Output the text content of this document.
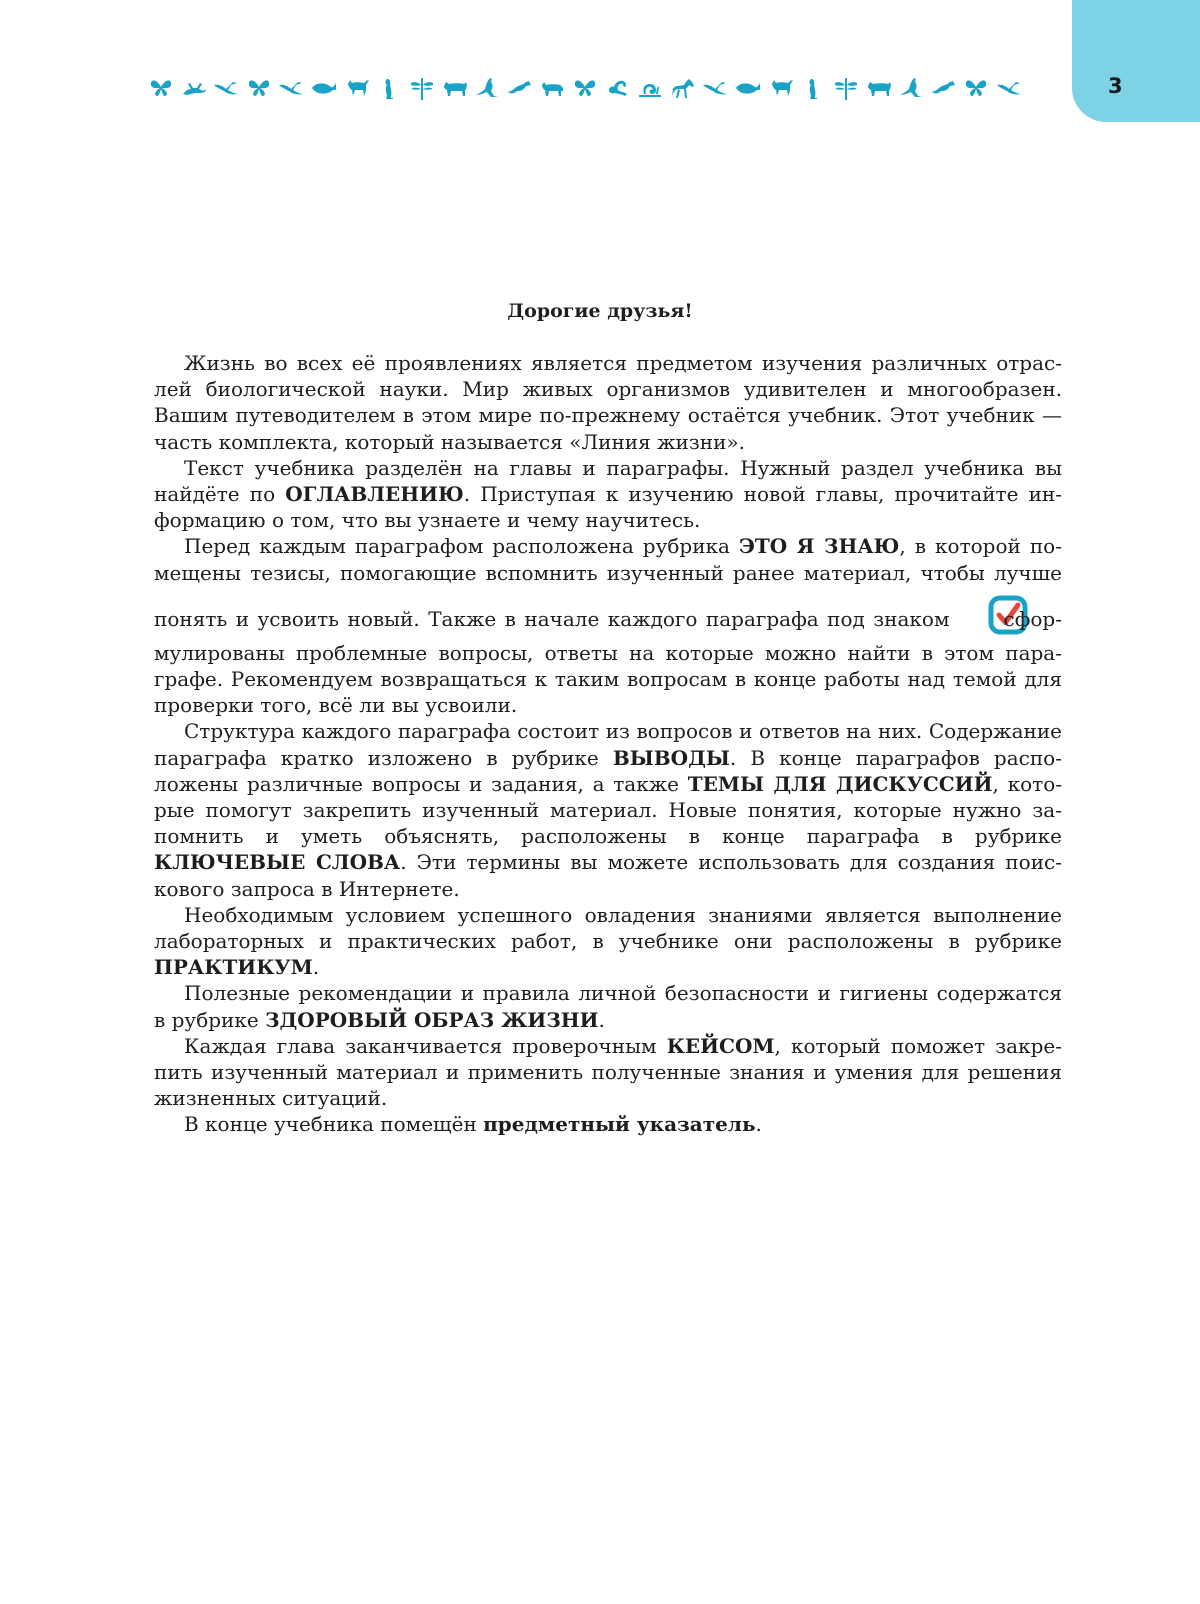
3
Дорогие друзья!

Жизнь во всех её проявлениях является предметом изучения различных отраслей биологической науки. Мир живых организмов удивителен и многообразен. Вашим путеводителем в этом мире по-прежнему остаётся учебник. Этот учебник — часть комплекта, который называется «Линия жизни».

Текст учебника разделён на главы и параграфы. Нужный раздел учебника вы найдёте по ОГЛАВЛЕНИЮ. Приступая к изучению новой главы, прочитайте информацию о том, что вы узнаете и чему научитесь.

Перед каждым параграфом расположена рубрика ЭТО Я ЗНАЮ, в которой помещены тезисы, помогающие вспомнить изученный ранее материал, чтобы лучше понять и усвоить новый. Также в начале каждого параграфа под знаком	сформулированы проблемные вопросы, ответы на которые можно найти в этом параграфе. Рекомендуем возвращаться к таким вопросам в конце работы над темой для проверки того, всё ли вы усвоили.

Структура каждого параграфа состоит из вопросов и ответов на них. Содержание параграфа кратко изложено в рубрике ВЫВОДЫ. В конце параграфов расположены различные вопросы и задания, а также ТЕМЫ ДЛЯ ДИСКУССИЙ, которые помогут закрепить изученный материал. Новые понятия, которые нужно запомнить и уметь объяснять, расположены в конце параграфа в рубрике КЛЮЧЕВЫЕ СЛОВА. Эти термины вы можете использовать для создания поискового запроса в Интернете.

Необходимым условием успешного овладения знаниями является выполнение лабораторных и практических работ, в учебнике они расположены в рубрике ПРАКТИКУМ.

Полезные рекомендации и правила личной безопасности и гигиены содержатся в рубрике ЗДОРОВЫЙ ОБРАЗ ЖИЗНИ.

Каждая глава заканчивается проверочным КЕЙСОМ, который поможет закрепить изученный материал и применить полученные знания и умения для решения жизненных ситуаций.

В конце учебника помещён предметный указатель.
